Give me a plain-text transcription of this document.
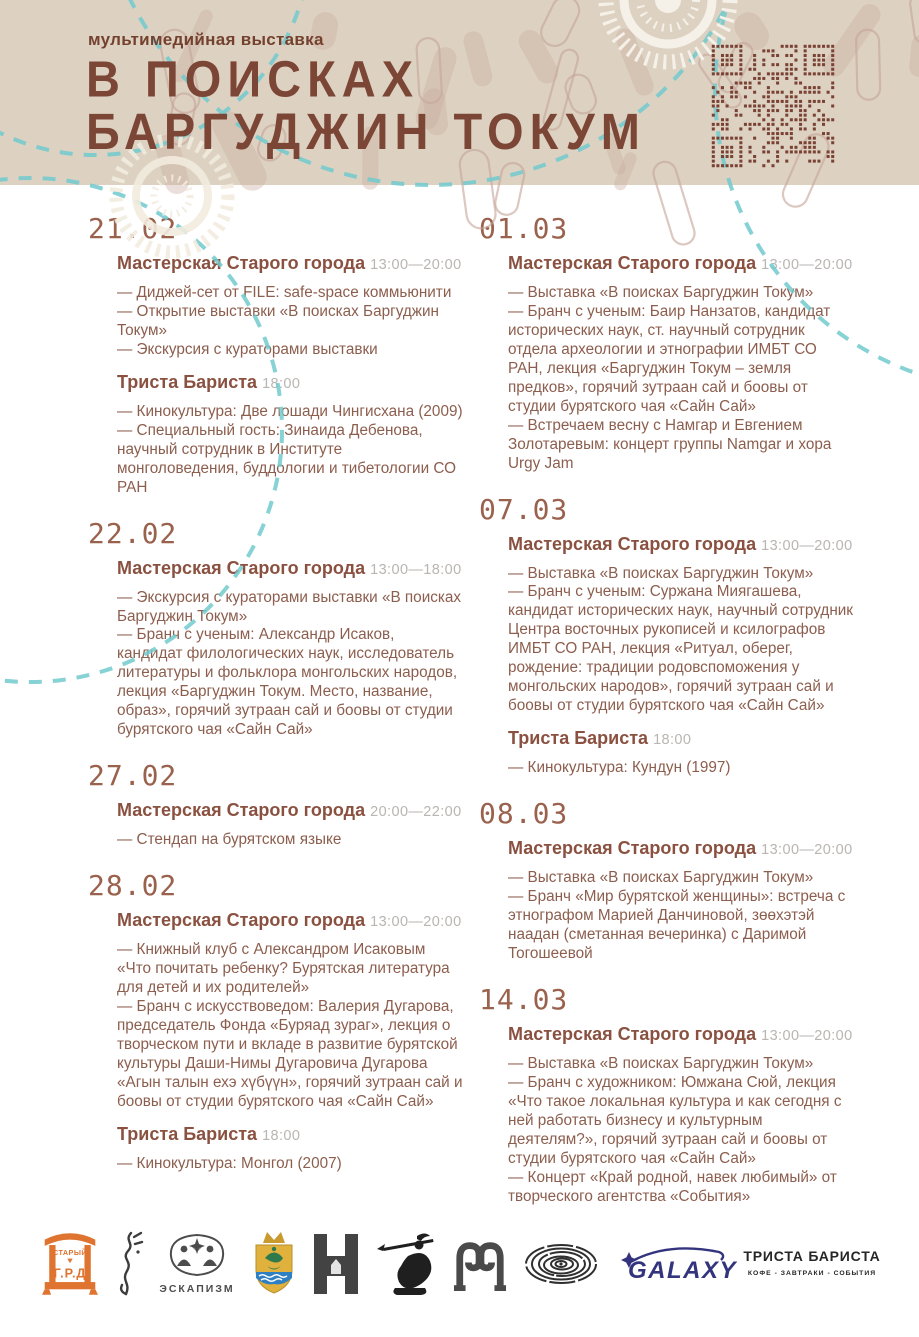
мультимедийная выставка
В ПОИСКАХ
БАРГУДЖИН ТОКУМ
21.02
Мастерская Старого города 13:00—20:00
— Диджей-сет от FILE: safe-space коммьюнити
— Открытие выставки «В поисках Баргуджин Токум»
— Экскурсия с кураторами выставки
Триста Бариста 18:00
— Кинокультура: Две лошади Чингисхана (2009)
— Специальный гость: Зинаида Дебенова, научный сотрудник в Институте монголоведения, буддологии и тибетологии СО РАН
22.02
Мастерская Старого города 13:00—18:00
— Экскурсия с кураторами выставки «В поисках Баргуджин Токум»
— Бранч с ученым: Александр Исаков, кандидат филологических наук, исследователь литературы и фольклора монгольских народов, лекция «Баргуджин Токум. Место, название, образ», горячий зутраан сай и боовы от студии бурятского чая «Сайн Сай»
27.02
Мастерская Старого города 20:00—22:00
— Стендап на бурятском языке
28.02
Мастерская Старого города 13:00—20:00
— Книжный клуб с Александром Исаковым «Что почитать ребенку? Бурятская литература для детей и их родителей»
— Бранч с искусствоведом: Валерия Дугарова, председатель Фонда «Буряад зураг», лекция о творческом пути и вкладе в развитие бурятской культуры Даши-Нимы Дугаровича Дугарова «Агын талын ехэ хүбүүн», горячий зутраан сай и боовы от студии бурятского чая «Сайн Сай»
Триста Бариста 18:00
— Кинокультура: Монгол (2007)
01.03
Мастерская Старого города 13:00—20:00
— Выставка «В поисках Баргуджин Токум»
— Бранч с ученым: Баир Нанзатов, кандидат исторических наук, ст. научный сотрудник отдела археологии и этнографии ИМБТ СО РАН, лекция «Баргуджин Токум – земля предков», горячий зутраан сай и боовы от студии бурятского чая «Сайн Сай»
— Встречаем весну с Намгар и Евгением Золотаревым: концерт группы Namgar и хора Urgy Jam
07.03
Мастерская Старого города 13:00—20:00
— Выставка «В поисках Баргуджин Токум»
— Бранч с ученым: Суржана Миягашева, кандидат исторических наук, научный сотрудник Центра восточных рукописей и ксилографов ИМБТ СО РАН, лекция «Ритуал, оберег, рождение: традиции родовспоможения у монгольских народов», горячий зутраан сай и боовы от студии бурятского чая «Сайн Сай»
Триста Бариста 18:00
— Кинокультура: Кундун (1997)
08.03
Мастерская Старого города 13:00—20:00
— Выставка «В поисках Баргуджин Токум»
— Бранч «Мир бурятской женщины»: встреча с этнографом Марией Данчиновой, зөөхэтэй наадан (сметанная вечеринка) с Даримой Тогошеевой
14.03
Мастерская Старого города 13:00—20:00
— Выставка «В поисках Баргуджин Токум»
— Бранч с художником: Юмжана Сюй, лекция «Что такое локальная культура и как сегодня с ней работать бизнесу и культурным деятелям?», горячий зутраан сай и боовы от студии бурятского чая «Сайн Сай»
— Концерт «Край родной, навек любимый» от творческого агентства «События»
СТАРЫЙ
Г.Р.Д
ЭСКАПИЗМ
GALAXY
ТРИСТА БАРИСТА
КОФЕ - ЗАВТРАКИ - СОБЫТИЯ
